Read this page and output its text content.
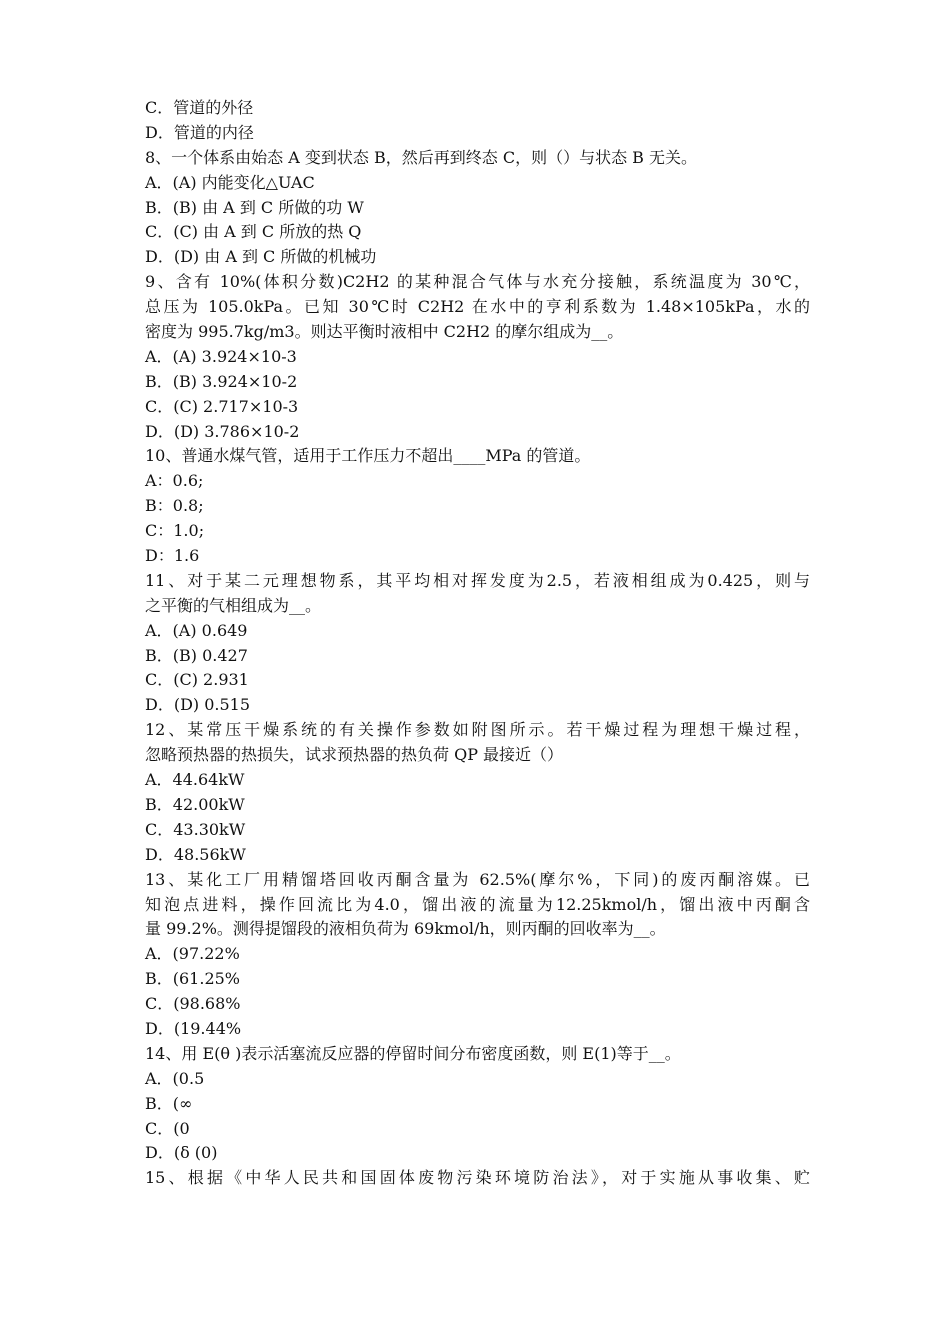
C．管道的外径
D．管道的内径
8、一个体系由始态 A 变到状态 B，然后再到终态 C，则（）与状态 B 无关。
A．(A) 内能变化△UAC
B．(B) 由 A 到 C 所做的功 W
C．(C) 由 A 到 C 所放的热 Q
D．(D) 由 A 到 C 所做的机械功
9、含有 10%(体积分数)C2H2 的某种混合气体与水充分接触，系统温度为 30℃，
总压为 105.0kPa。已知 30℃时 C2H2 在水中的亨利系数为 1.48×105kPa，水的
密度为 995.7kg/m3。则达平衡时液相中 C2H2 的摩尔组成为__。
A．(A) 3.924×10-3
B．(B) 3.924×10-2
C．(C) 2.717×10-3
D．(D) 3.786×10-2
10、普通水煤气管，适用于工作压力不超出____MPa 的管道。
A：0.6;
B：0.8;
C：1.0;
D：1.6
11、对于某二元理想物系，其平均相对挥发度为2.5，若液相组成为0.425，则与
之平衡的气相组成为__。
A．(A) 0.649
B．(B) 0.427
C．(C) 2.931
D．(D) 0.515
12、某常压干燥系统的有关操作参数如附图所示。若干燥过程为理想干燥过程，
忽略预热器的热损失，试求预热器的热负荷 QP 最接近（）
A．44.64kW
B．42.00kW
C．43.30kW
D．48.56kW
13、某化工厂用精馏塔回收丙酮含量为 62.5%(摩尔%，下同)的废丙酮溶媒。已
知泡点进料，操作回流比为4.0，馏出液的流量为12.25kmol/h，馏出液中丙酮含
量 99.2%。测得提馏段的液相负荷为 69kmol/h，则丙酮的回收率为__。
A．(97.22%
B．(61.25%
C．(98.68%
D．(19.44%
14、用 E(θ )表示活塞流反应器的停留时间分布密度函数，则 E(1)等于__。
A．(0.5
B．(∞
C．(0
D．(δ (0)
15、根据《中华人民共和国固体废物污染环境防治法》，对于实施从事收集、贮
